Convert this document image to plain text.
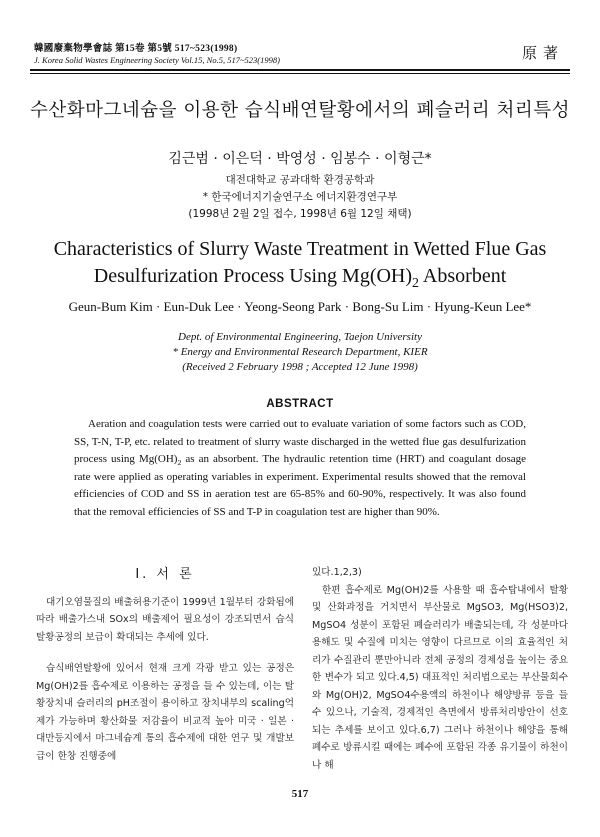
韓國廢棄物學會誌 第15卷 第5號 517~523(1998)
J. Korea Solid Wastes Engineering Society Vol.15, No.5, 517~523(1998)	原著
수산화마그네슘을 이용한 습식배연탈황에서의 폐슬러리 처리특성
김근범 · 이은덕 · 박영성 · 임봉수 · 이형근*
대전대학교 공과대학 환경공학과
* 한국에너지기술연구소 에너지환경연구부
(1998년 2월 2일 접수, 1998년 6월 12일 채택)
Characteristics of Slurry Waste Treatment in Wetted Flue Gas
Desulfurization Process Using $Mg(OH)_2$ Absorbent
Geun-Bum Kim · Eun-Duk Lee · Yeong-Seong Park · Bong-Su Lim · Hyung-Keun Lee*
Dept. of Environmental Engineering, Taejon University
* Energy and Environmental Research Department, KIER
(Received 2 February 1998 ; Accepted 12 June 1998)
ABSTRACT
Aeration and coagulation tests were carried out to evaluate variation of some factors such as COD, SS, T-N, T-P, etc. related to treatment of slurry waste discharged in the wetted flue gas desulfurization process using $Mg(OH)_2$ as an absorbent. The hydraulic retention time (HRT) and coagulant dosage rate were applied as operating variables in experiment. Experimental results showed that the removal efficiencies of COD and SS in aeration test are 65-85% and 60-90%, respectively. It was also found that the removal efficiencies of SS and T-P in coagulation test are higher than 90%.
I. 서 론

대기오염물질의 배출허용기준이 1999년 1월부터 강화됨에 따라 배출가스내 SOx의 배출제어 필요성이 강조되면서 습식탈황공정의 보급이 확대되는 추세에 있다.

습식배연탈황에 있어서 현재 크게 각광 받고 있는 공정은 Mg(OH)2를 흡수제로 이용하는 공정을 들 수 있는데, 이는 탈황장치내 슬러리의 pH조절이 용이하고 장치내부의 scaling억제가 가능하며 황산화물 저감율이 비교적 높아 미국 · 일본 · 대만등지에서 마그네슘계 통의 흡수제에 대한 연구 및 개발보급이 한창 진행중에

있다.1,2,3)

한편 흡수제로 Mg(OH)2를 사용할 때 흡수탑내에서 탈황 및 산화과정을 거치면서 부산물로 MgSO3, Mg(HSO3)2, MgSO4 성분이 포함된 폐슬러리가 배출되는데, 각 성분마다 용해도 및 수질에 미치는 영향이 다르므로 이의 효율적인 처리가 수질관리 뿐만아니라 전체 공정의 경제성을 높이는 중요한 변수가 되고 있다.4,5) 대표적인 처리법으로는 부산물회수와 Mg(OH)2, MgSO4수용액의 하천이나 해양방류 등을 들 수 있으나, 기술적, 경제적인 측면에서 방류처리방안이 선호되는 추세를 보이고 있다.6,7) 그러나 하천이나 해양을 통해 폐수로 방류시킬 때에는 폐수에 포함된 각종 유기물이 하천이나 해

517
